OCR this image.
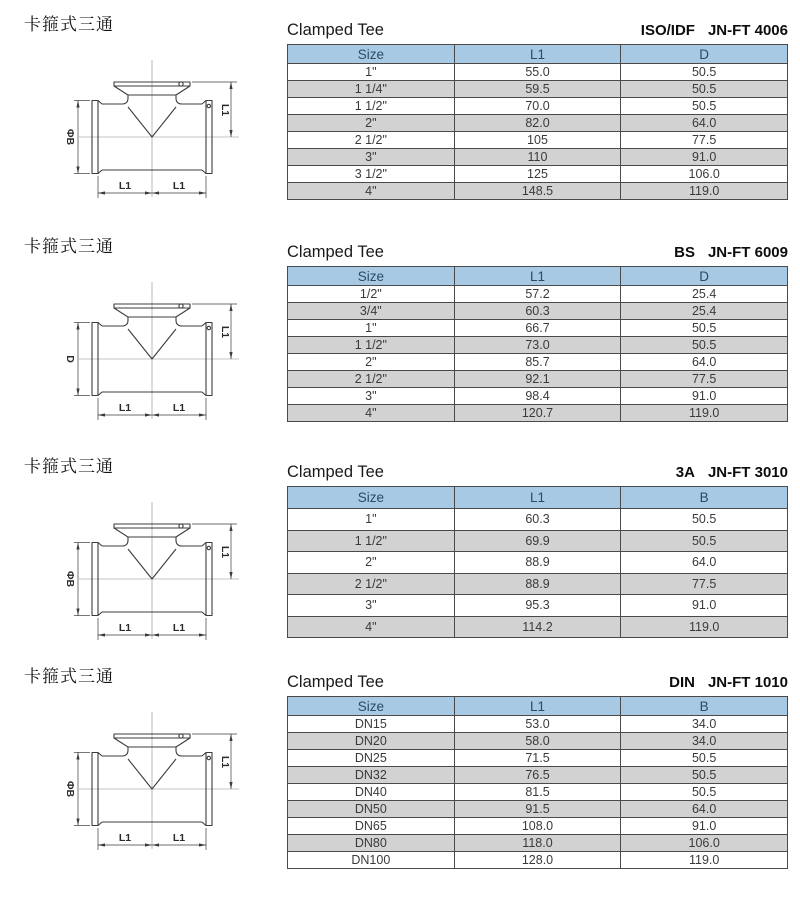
卡箍式三通
ΦB
L1
L1	L1
Clamped Tee	ISO/IDF JN-FT 4006
Size	L1	D
1"	55.0	50.5
1 1/4"	59.5	50.5
1 1/2"	70.0	50.5
2"	82.0	64.0
2 1/2"	105	77.5
3"	110	91.0
3 1/2"	125	106.0
4"	148.5	119.0
卡箍式三通
D
L1
L1	L1
Clamped Tee	BS JN-FT 6009
Size	L1	D
1/2"	57.2	25.4
3/4"	60.3	25.4
1"	66.7	50.5
1 1/2"	73.0	50.5
2"	85.7	64.0
2 1/2"	92.1	77.5
3"	98.4	91.0
4"	120.7	119.0
卡箍式三通
ΦB
L1
L1	L1
Clamped Tee	3A JN-FT 3010
Size	L1	B
1"	60.3	50.5
1 1/2"	69.9	50.5
2"	88.9	64.0
2 1/2"	88.9	77.5
3"	95.3	91.0
4"	114.2	119.0
卡箍式三通
ΦB
L1
L1	L1
Clamped Tee	DIN JN-FT 1010
Size	L1	B
DN15	53.0	34.0
DN20	58.0	34.0
DN25	71.5	50.5
DN32	76.5	50.5
DN40	81.5	50.5
DN50	91.5	64.0
DN65	108.0	91.0
DN80	118.0	106.0
DN100	128.0	119.0
